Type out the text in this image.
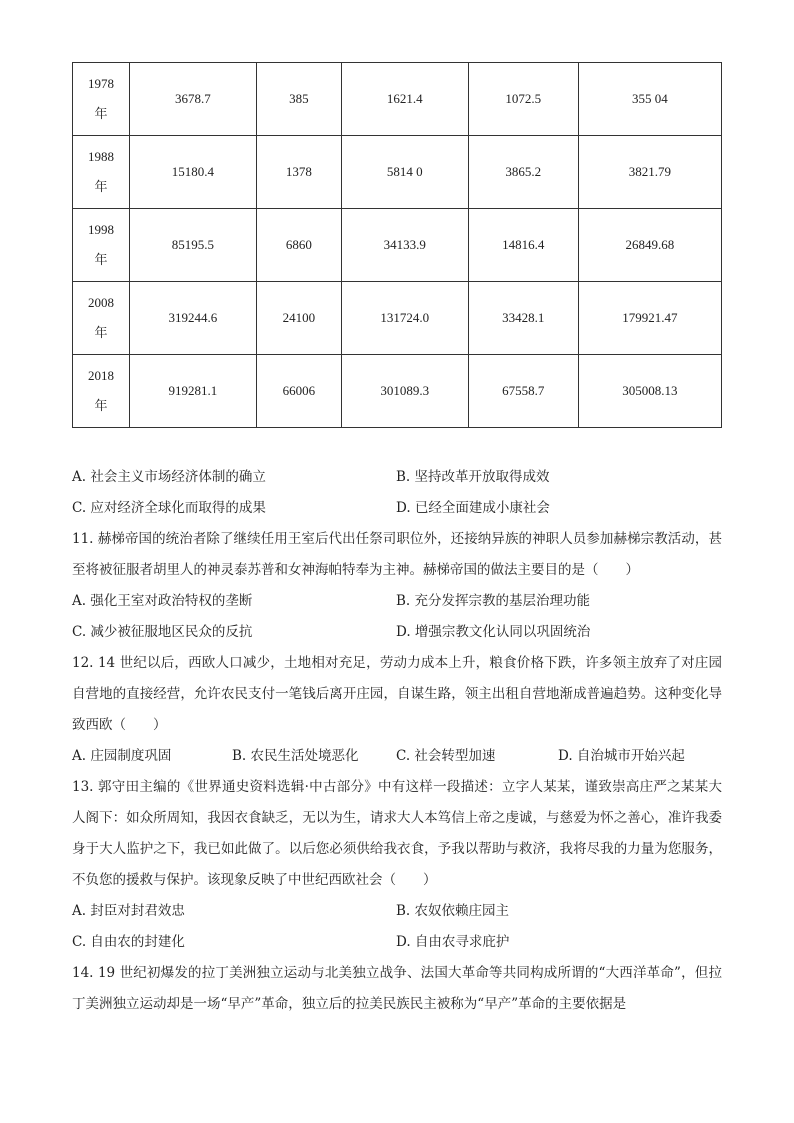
1978
年	3678.7	385	1621.4	1072.5	355 04
1988
年	15180.4	1378	5814 0	3865.2	3821.79
1998
年	85195.5	6860	34133.9	14816.4	26849.68
2008
年	319244.6	24100	131724.0	33428.1	179921.47
2018
年	919281.1	66006	301089.3	67558.7	305008.13
A. 社会主义市场经济体制的确立	B. 坚持改革开放取得成效
C. 应对经济全球化而取得的成果	D. 已经全面建成小康社会
11. 赫梯帝国的统治者除了继续任用王室后代出任祭司职位外，还接纳异族的神职人员参加赫梯宗教活动，甚至将被征服者胡里人的神灵泰苏普和女神海帕特奉为主神。赫梯帝国的做法主要目的是（　　）
A. 强化王室对政治特权的垄断	B. 充分发挥宗教的基层治理功能
C. 减少被征服地区民众的反抗	D. 增强宗教文化认同以巩固统治
12. 14 世纪以后，西欧人口减少，土地相对充足，劳动力成本上升，粮食价格下跌，许多领主放弃了对庄园自营地的直接经营，允许农民支付一笔钱后离开庄园，自谋生路，领主出租自营地渐成普遍趋势。这种变化导致西欧（　　）
A. 庄园制度巩固	B. 农民生活处境恶化	C. 社会转型加速	D. 自治城市开始兴起
13. 郭守田主编的《世界通史资料选辑·中古部分》中有这样一段描述：立字人某某，谨致崇高庄严之某某大人阁下：如众所周知，我因衣食缺乏，无以为生，请求大人本笃信上帝之虔诚，与慈爱为怀之善心，准许我委身于大人监护之下，我已如此做了。以后您必须供给我衣食，予我以帮助与救济，我将尽我的力量为您服务，不负您的援救与保护。该现象反映了中世纪西欧社会（　　）
A. 封臣对封君效忠	B. 农奴依赖庄园主
C. 自由农的封建化	D. 自由农寻求庇护
14. 19 世纪初爆发的拉丁美洲独立运动与北美独立战争、法国大革命等共同构成所谓的“大西洋革命”，但拉丁美洲独立运动却是一场“早产”革命，独立后的拉美民族民主被称为“早产”革命的主要依据是
